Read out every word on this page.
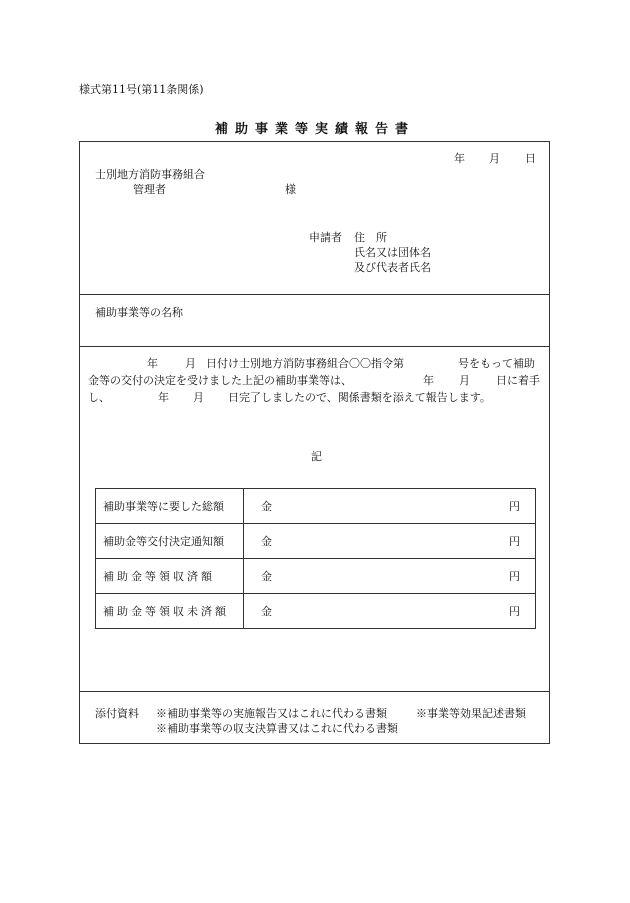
様式第11号(第11条関係)
補助事業等実績報告書
年 月 日
士別地方消防事務組合
管理者	様
申請者 住　所
氏名又は団体名
及び代表者氏名
補助事業等の名称
年 月 日付け士別地方消防事務組合〇〇指令第	号をもって補助
金等の交付の決定を受けました上記の補助事業等は、	年 月 日に着手
し、	年 月 日完了しましたので、関係書類を添えて報告します。
記
補助事業等に要した総額	金 円

補助金等交付決定通知額	金 円

補助金等領収済額	金 円

補助金等領収未済額	金 円
添付資料 ※補助事業等の実施報告又はこれに代わる書類	※事業等効果記述書類
※補助事業等の収支決算書又はこれに代わる書類
